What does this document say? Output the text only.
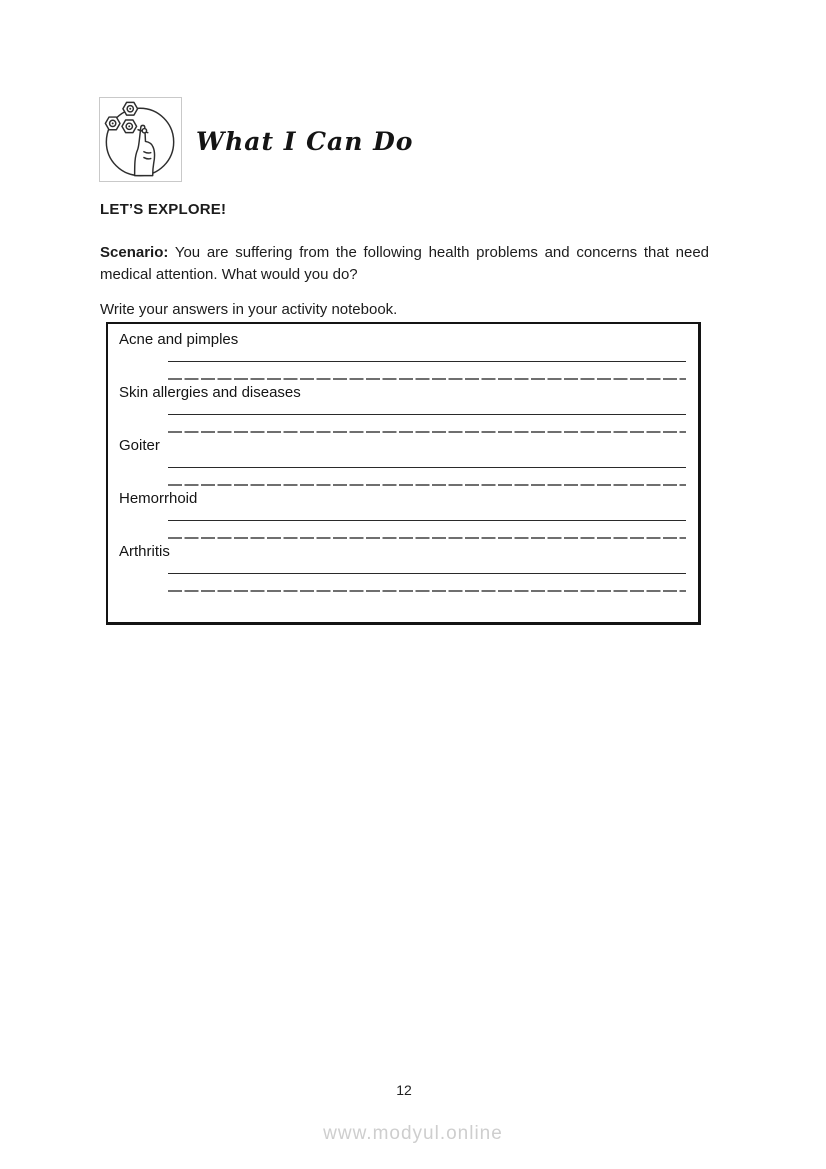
What I Can Do
LET’S EXPLORE!

Scenario: You are suffering from the following health problems and concerns that need medical attention. What would you do?

Write your answers in your activity notebook.

Acne and pimples
Skin allergies and diseases
Goiter
Hemorrhoid
Arthritis
12
www.modyul.online
